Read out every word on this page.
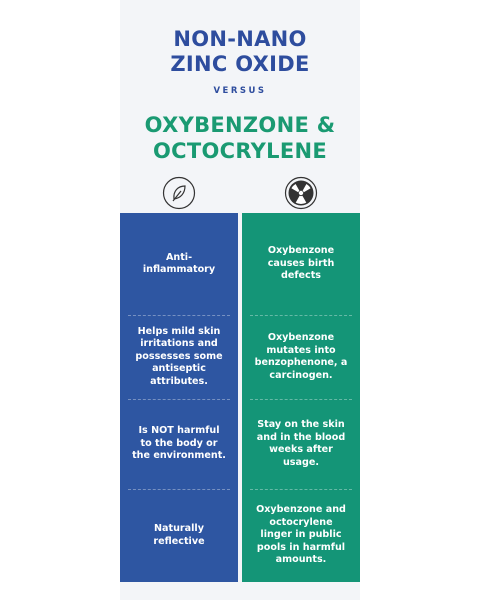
NON-NANO
ZINC OXIDE
VERSUS
OXYBENZONE &
OCTOCRYLENE
Anti-inflammatory
Helps mild skin irritations and possesses some antiseptic attributes.
Is NOT harmful to the body or the environment.
Naturally reflective
Oxybenzone causes birth defects
Oxybenzone mutates into benzophenone, a carcinogen.
Stay on the skin and in the blood weeks after usage.
Oxybenzone and octocrylene linger in public pools in harmful amounts.
